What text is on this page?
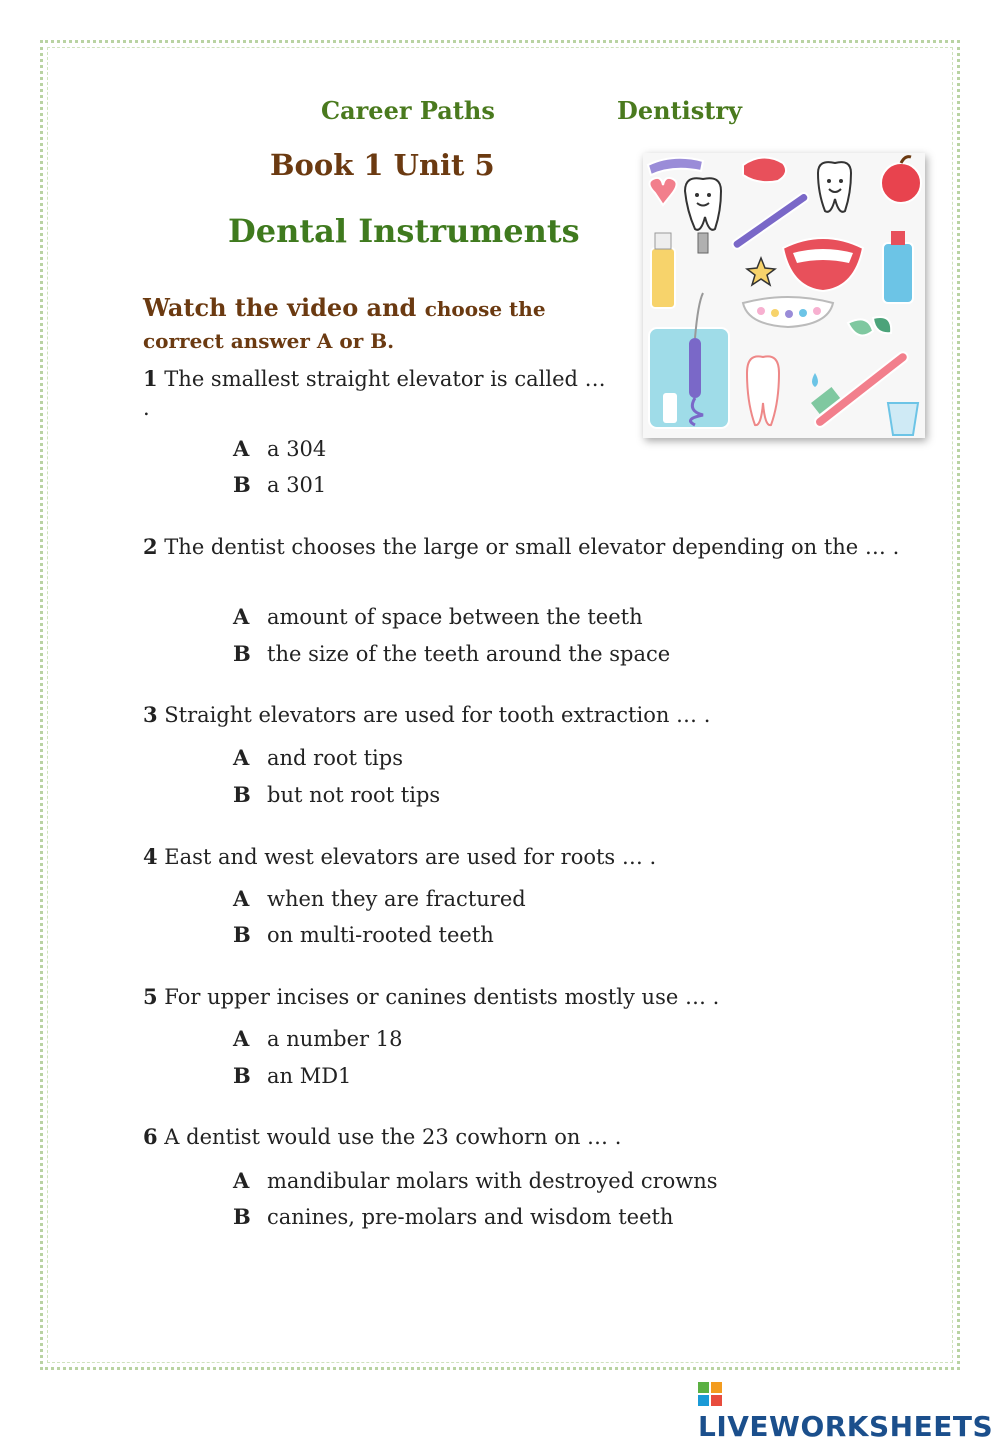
Career Paths	Dentistry
Book 1 Unit 5
Dental Instruments
Watch the video and choose the correct answer A or B.
1 The smallest straight elevator is called … .
A a 304
B a 301
2 The dentist chooses the large or small elevator depending on the … .
A amount of space between the teeth
B the size of the teeth around the space
3 Straight elevators are used for tooth extraction … .
A and root tips
B but not root tips
4 East and west elevators are used for roots … .
A when they are fractured
B on multi-rooted teeth
5 For upper incises or canines dentists mostly use … .
A a number 18
B an MD1
6 A dentist would use the 23 cowhorn on … .
A mandibular molars with destroyed crowns
B canines, pre-molars and wisdom teeth
LIVEWORKSHEETS
